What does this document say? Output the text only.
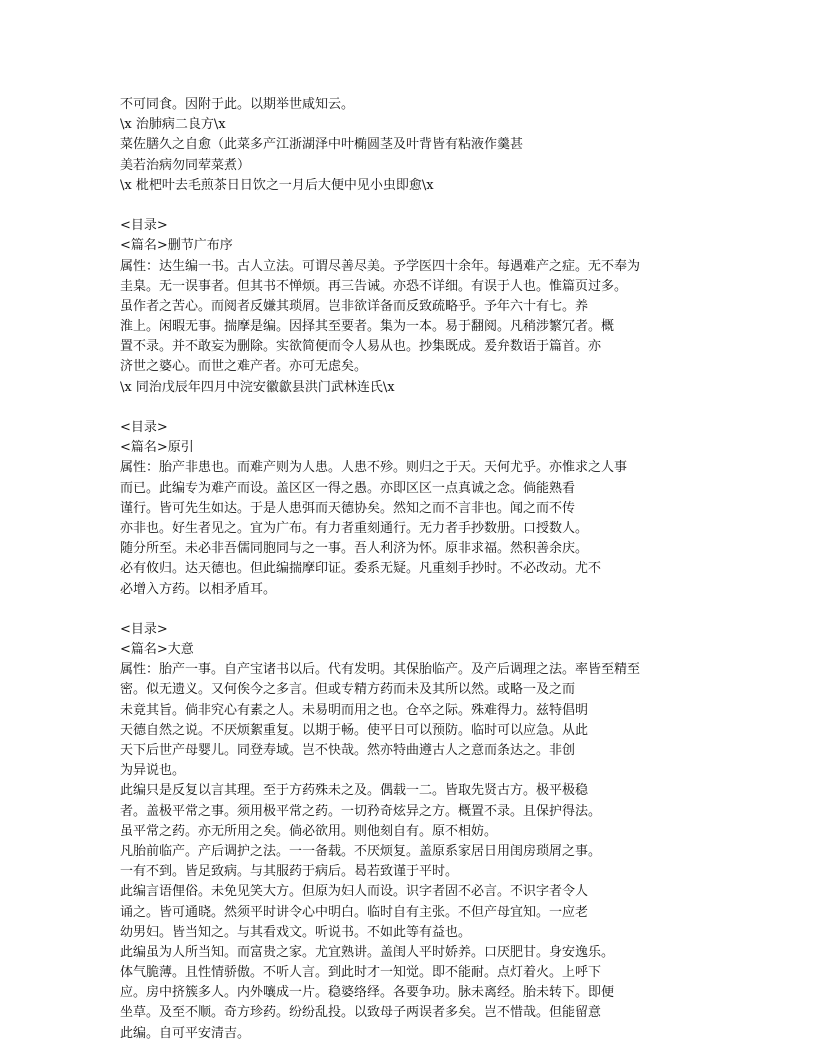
不可同食。因附于此。以期举世咸知云。
\x 治肺病二良方\x
菜佐膳久之自愈（此菜多产江浙湖泽中叶椭圆茎及叶背皆有粘液作羹甚
美若治病勿同荤菜煮）
\x 枇杷叶去毛煎茶日日饮之一月后大便中见小虫即愈\x
<目录>
<篇名>删节广布序
属性：达生编一书。古人立法。可谓尽善尽美。予学医四十余年。每遇难产之症。无不奉为
圭臬。无一误事者。但其书不惮烦。再三告诫。亦恐不详细。有误于人也。惟篇页过多。
虽作者之苦心。而阅者反嫌其琐屑。岂非欲详备而反致疏略乎。予年六十有七。养
淮上。闲暇无事。揣摩是编。因择其至要者。集为一本。易于翻阅。凡稍涉繁冗者。概
置不录。并不敢妄为删除。实欲简便而令人易从也。抄集既成。爰弁数语于篇首。亦
济世之婆心。而世之难产者。亦可无虑矣。
\x 同治戊辰年四月中浣安徽歙县洪门武林连氏\x
<目录>
<篇名>原引
属性：胎产非患也。而难产则为人患。人患不殄。则归之于天。天何尤乎。亦惟求之人事
而已。此编专为难产而设。盖区区一得之愚。亦即区区一点真诚之念。倘能熟看
谨行。皆可先生如达。于是人患弭而天德协矣。然知之而不言非也。闻之而不传
亦非也。好生者见之。宜为广布。有力者重刻通行。无力者手抄数册。口授数人。
随分所至。未必非吾儒同胞同与之一事。吾人利济为怀。原非求福。然积善余庆。
必有攸归。达天德也。但此编揣摩印证。委系无疑。凡重刻手抄时。不必改动。尤不
必增入方药。以相矛盾耳。
<目录>
<篇名>大意
属性：胎产一事。自产宝诸书以后。代有发明。其保胎临产。及产后调理之法。率皆至精至
密。似无遗义。又何俟今之多言。但或专精方药而未及其所以然。或略一及之而
未竟其旨。倘非究心有素之人。未易明而用之也。仓卒之际。殊难得力。兹特倡明
天德自然之说。不厌烦絮重复。以期于畅。使平日可以预防。临时可以应急。从此
天下后世产母婴儿。同登寿域。岂不快哉。然亦特曲遵古人之意而条达之。非创
为异说也。
此编只是反复以言其理。至于方药殊未之及。偶载一二。皆取先贤古方。极平极稳
者。盖极平常之事。须用极平常之药。一切矜奇炫异之方。概置不录。且保护得法。
虽平常之药。亦无所用之矣。倘必欲用。则他刻自有。原不相妨。
凡胎前临产。产后调护之法。一一备载。不厌烦复。盖原系家居日用闺房琐屑之事。
一有不到。皆足致病。与其服药于病后。曷若致谨于平时。
此编言语俚俗。未免见笑大方。但原为妇人而设。识字者固不必言。不识字者令人
诵之。皆可通晓。然须平时讲令心中明白。临时自有主张。不但产母宜知。一应老
幼男妇。皆当知之。与其看戏文。听说书。不如此等有益也。
此编虽为人所当知。而富贵之家。尤宜熟讲。盖闺人平时娇养。口厌肥甘。身安逸乐。
体气脆薄。且性情骄傲。不听人言。到此时才一知觉。即不能耐。点灯着火。上呼下
应。房中挤簇多人。内外嚷成一片。稳婆络绎。各要争功。脉未离经。胎未转下。即便
坐草。及至不顺。奇方珍药。纷纷乱投。以致母子两误者多矣。岂不惜哉。但能留意
此编。自可平安清吉。
